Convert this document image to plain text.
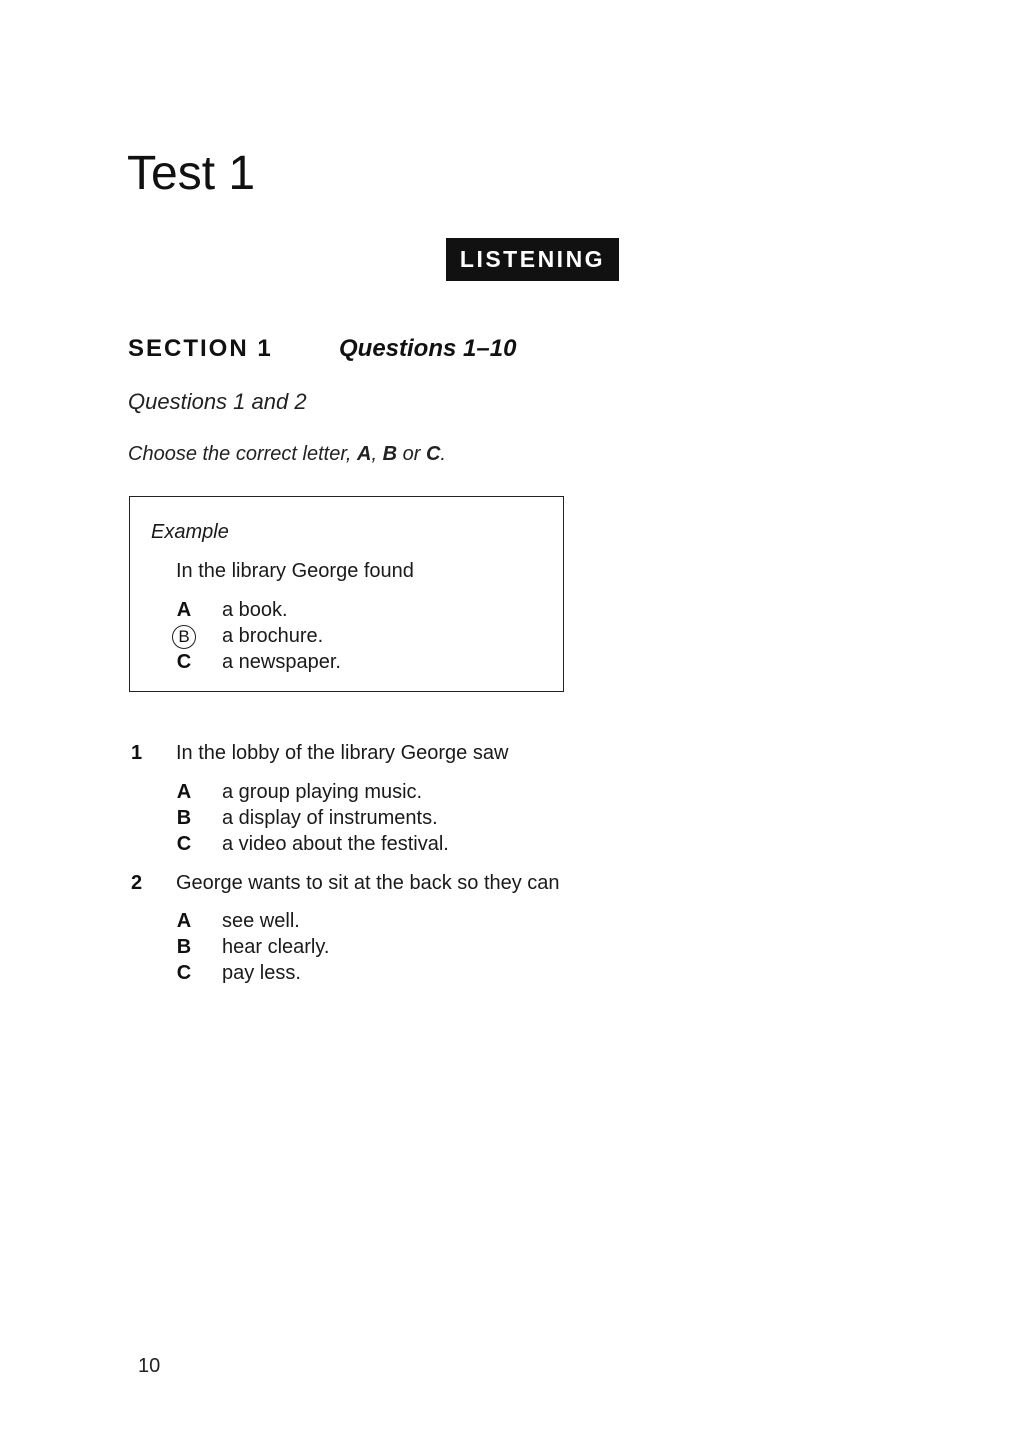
Test 1
LISTENING
SECTION 1	Questions 1–10
Questions 1 and 2
Choose the correct letter, A, B or C.
Example
In the library George found
A	a book.
B	a brochure.
C	a newspaper.
1 In the lobby of the library George saw
A	a group playing music.
B	a display of instruments.
C	a video about the festival.
2 George wants to sit at the back so they can
A	see well.
B	hear clearly.
C	pay less.
10
